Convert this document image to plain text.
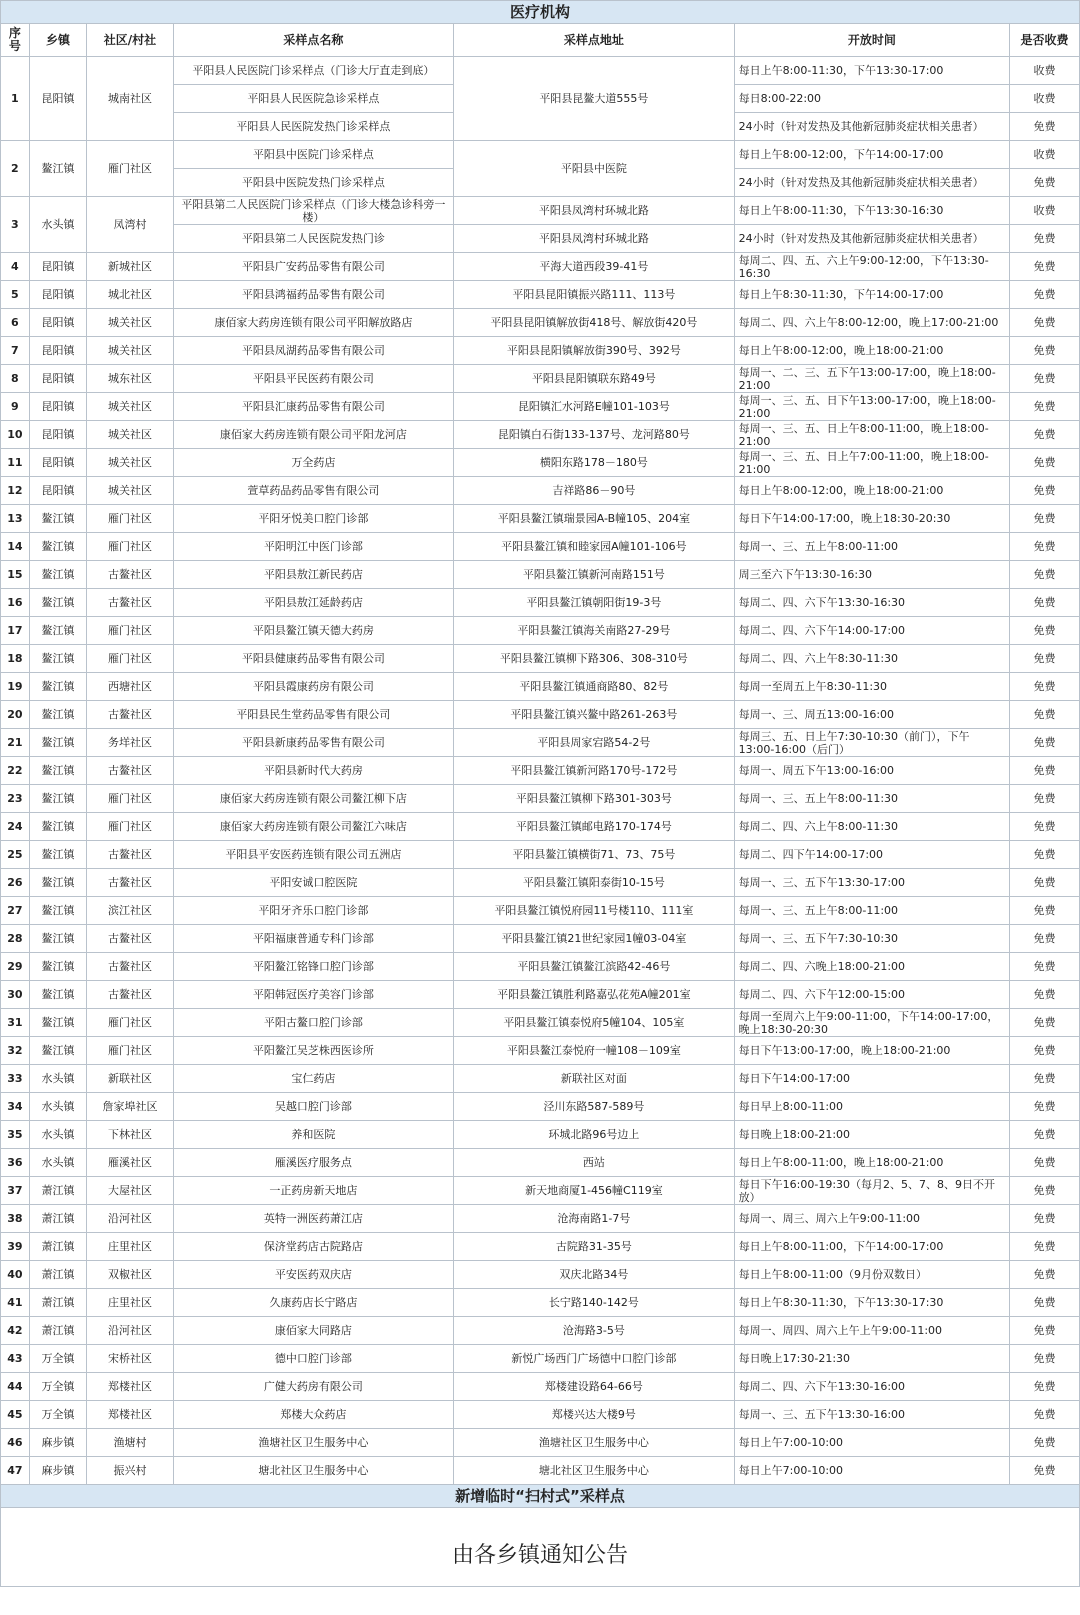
医疗机构						
序号	乡镇	社区/村社	采样点名称	采样点地址	开放时间	是否收费
1	昆阳镇	城南社区	平阳县人民医院门诊采样点（门诊大厅直走到底）	平阳县昆鳌大道555号	每日上午8:00-11:30，下午13:30-17:00	收费
			平阳县人民医院急诊采样点		每日8:00-22:00	收费
			平阳县人民医院发热门诊采样点		24小时（针对发热及其他新冠肺炎症状相关患者）	免费
2	鳌江镇	雁门社区	平阳县中医院门诊采样点	平阳县中医院	每日上午8:00-12:00，下午14:00-17:00	收费
			平阳县中医院发热门诊采样点		24小时（针对发热及其他新冠肺炎症状相关患者）	免费
3	水头镇	凤湾村	平阳县第二人民医院门诊采样点（门诊大楼急诊科旁一楼）	平阳县凤湾村环城北路	每日上午8:00-11:30，下午13:30-16:30	收费
			平阳县第二人民医院发热门诊	平阳县凤湾村环城北路	24小时（针对发热及其他新冠肺炎症状相关患者）	免费
4	昆阳镇	新城社区	平阳县广安药品零售有限公司	平海大道西段39-41号	每周二、四、五、六上午9:00-12:00，下午13:30-16:30	免费
5	昆阳镇	城北社区	平阳县鸿福药品零售有限公司	平阳县昆阳镇振兴路111、113号	每日上午8:30-11:30，下午14:00-17:00	免费
6	昆阳镇	城关社区	康佰家大药房连锁有限公司平阳解放路店	平阳县昆阳镇解放街418号、解放街420号	每周二、四、六上午8:00-12:00，晚上17:00-21:00	免费
7	昆阳镇	城关社区	平阳县凤湖药品零售有限公司	平阳县昆阳镇解放街390号、392号	每日上午8:00-12:00，晚上18:00-21:00	免费
8	昆阳镇	城东社区	平阳县平民医药有限公司	平阳县昆阳镇联东路49号	每周一、二、三、五下午13:00-17:00，晚上18:00-21:00	免费
9	昆阳镇	城关社区	平阳县汇康药品零售有限公司	昆阳镇汇水河路E幢101-103号	每周一、三、五、日下午13:00-17:00，晚上18:00-21:00	免费
10	昆阳镇	城关社区	康佰家大药房连锁有限公司平阳龙河店	昆阳镇白石街133-137号、龙河路80号	每周一、三、五、日上午8:00-11:00，晚上18:00-21:00	免费
11	昆阳镇	城关社区	万全药店	横阳东路178－180号	每周一、三、五、日上午7:00-11:00，晚上18:00-21:00	免费
12	昆阳镇	城关社区	萱草药品药品零售有限公司	吉祥路86－90号	每日上午8:00-12:00，晚上18:00-21:00	免费
13	鳌江镇	雁门社区	平阳牙悦美口腔门诊部	平阳县鳌江镇瑞景园A-B幢105、204室	每日下午14:00-17:00，晚上18:30-20:30	免费
14	鳌江镇	雁门社区	平阳明江中医门诊部	平阳县鳌江镇和睦家园A幢101-106号	每周一、三、五上午8:00-11:00	免费
15	鳌江镇	古鳌社区	平阳县敖江新民药店	平阳县鳌江镇新河南路151号	周三至六下午13:30-16:30	免费
16	鳌江镇	古鳌社区	平阳县敖江延龄药店	平阳县鳌江镇朝阳街19-3号	每周二、四、六下午13:30-16:30	免费
17	鳌江镇	雁门社区	平阳县鳌江镇天德大药房	平阳县鳌江镇海关南路27-29号	每周二、四、六下午14:00-17:00	免费
18	鳌江镇	雁门社区	平阳县健康药品零售有限公司	平阳县鳌江镇柳下路306、308-310号	每周二、四、六上午8:30-11:30	免费
19	鳌江镇	西塘社区	平阳县霞康药房有限公司	平阳县鳌江镇通商路80、82号	每周一至周五上午8:30-11:30	免费
20	鳌江镇	古鳌社区	平阳县民生堂药品零售有限公司	平阳县鳌江镇兴鳌中路261-263号	每周一、三、周五13:00-16:00	免费
21	鳌江镇	务垟社区	平阳县新康药品零售有限公司	平阳县周家宕路54-2号	每周三、五、日上午7:30-10:30（前门），下午13:00-16:00（后门）	免费
22	鳌江镇	古鳌社区	平阳县新时代大药房	平阳县鳌江镇新河路170号-172号	每周一、周五下午13:00-16:00	免费
23	鳌江镇	雁门社区	康佰家大药房连锁有限公司鳌江柳下店	平阳县鳌江镇柳下路301-303号	每周一、三、五上午8:00-11:30	免费
24	鳌江镇	雁门社区	康佰家大药房连锁有限公司鳌江六味店	平阳县鳌江镇邮电路170-174号	每周二、四、六上午8:00-11:30	免费
25	鳌江镇	古鳌社区	平阳县平安医药连锁有限公司五洲店	平阳县鳌江镇横街71、73、75号	每周二、四下午14:00-17:00	免费
26	鳌江镇	古鳌社区	平阳安诚口腔医院	平阳县鳌江镇阳泰街10-15号	每周一、三、五下午13:30-17:00	免费
27	鳌江镇	滨江社区	平阳牙齐乐口腔门诊部	平阳县鳌江镇悦府园11号楼110、111室	每周一、三、五上午8:00-11:00	免费
28	鳌江镇	古鳌社区	平阳福康普通专科门诊部	平阳县鳌江镇21世纪家园1幢03-04室	每周一、三、五下午7:30-10:30	免费
29	鳌江镇	古鳌社区	平阳鳌江铭锋口腔门诊部	平阳县鳌江镇鳌江滨路42-46号	每周二、四、六晚上18:00-21:00	免费
30	鳌江镇	古鳌社区	平阳韩冠医疗美容门诊部	平阳县鳌江镇胜利路嘉弘花苑A幢201室	每周二、四、六下午12:00-15:00	免费
31	鳌江镇	雁门社区	平阳古鳌口腔门诊部	平阳县鳌江镇泰悦府5幢104、105室	每周一至周六上午9:00-11:00，下午14:00-17:00，晚上18:30-20:30	免费
32	鳌江镇	雁门社区	平阳鳌江吴芝株西医诊所	平阳县鳌江泰悦府一幢108－109室	每日下午13:00-17:00，晚上18:00-21:00	免费
33	水头镇	新联社区	宝仁药店	新联社区对面	每日下午14:00-17:00	免费
34	水头镇	詹家埠社区	吴越口腔门诊部	泾川东路587-589号	每日早上8:00-11:00	免费
35	水头镇	下林社区	养和医院	环城北路96号边上	每日晚上18:00-21:00	免费
36	水头镇	雁溪社区	雁溪医疗服务点	西站	每日上午8:00-11:00，晚上18:00-21:00	免费
37	萧江镇	大屋社区	一正药房新天地店	新天地商厦1-456幢C119室	每日下午16:00-19:30（每月2、5、7、8、9日不开放）	免费
38	萧江镇	沿河社区	英特一洲医药萧江店	沧海南路1-7号	每周一、周三、周六上午9:00-11:00	免费
39	萧江镇	庄里社区	保济堂药店古院路店	古院路31-35号	每日上午8:00-11:00，下午14:00-17:00	免费
40	萧江镇	双椒社区	平安医药双庆店	双庆北路34号	每日上午8:00-11:00（9月份双数日）	免费
41	萧江镇	庄里社区	久康药店长宁路店	长宁路140-142号	每日上午8:30-11:30，下午13:30-17:30	免费
42	萧江镇	沿河社区	康佰家大同路店	沧海路3-5号	每周一、周四、周六上午上午9:00-11:00	免费
43	万全镇	宋桥社区	德中口腔门诊部	新悦广场西门广场德中口腔门诊部	每日晚上17:30-21:30	免费
44	万全镇	郑楼社区	广健大药房有限公司	郑楼建设路64-66号	每周二、四、六下午13:30-16:00	免费
45	万全镇	郑楼社区	郑楼大众药店	郑楼兴达大楼9号	每周一、三、五下午13:30-16:00	免费
46	麻步镇	渔塘村	渔塘社区卫生服务中心	渔塘社区卫生服务中心	每日上午7:00-10:00	免费
47	麻步镇	振兴村	塘北社区卫生服务中心	塘北社区卫生服务中心	每日上午7:00-10:00	免费
新增临时“扫村式”采样点						
由各乡镇通知公告						
